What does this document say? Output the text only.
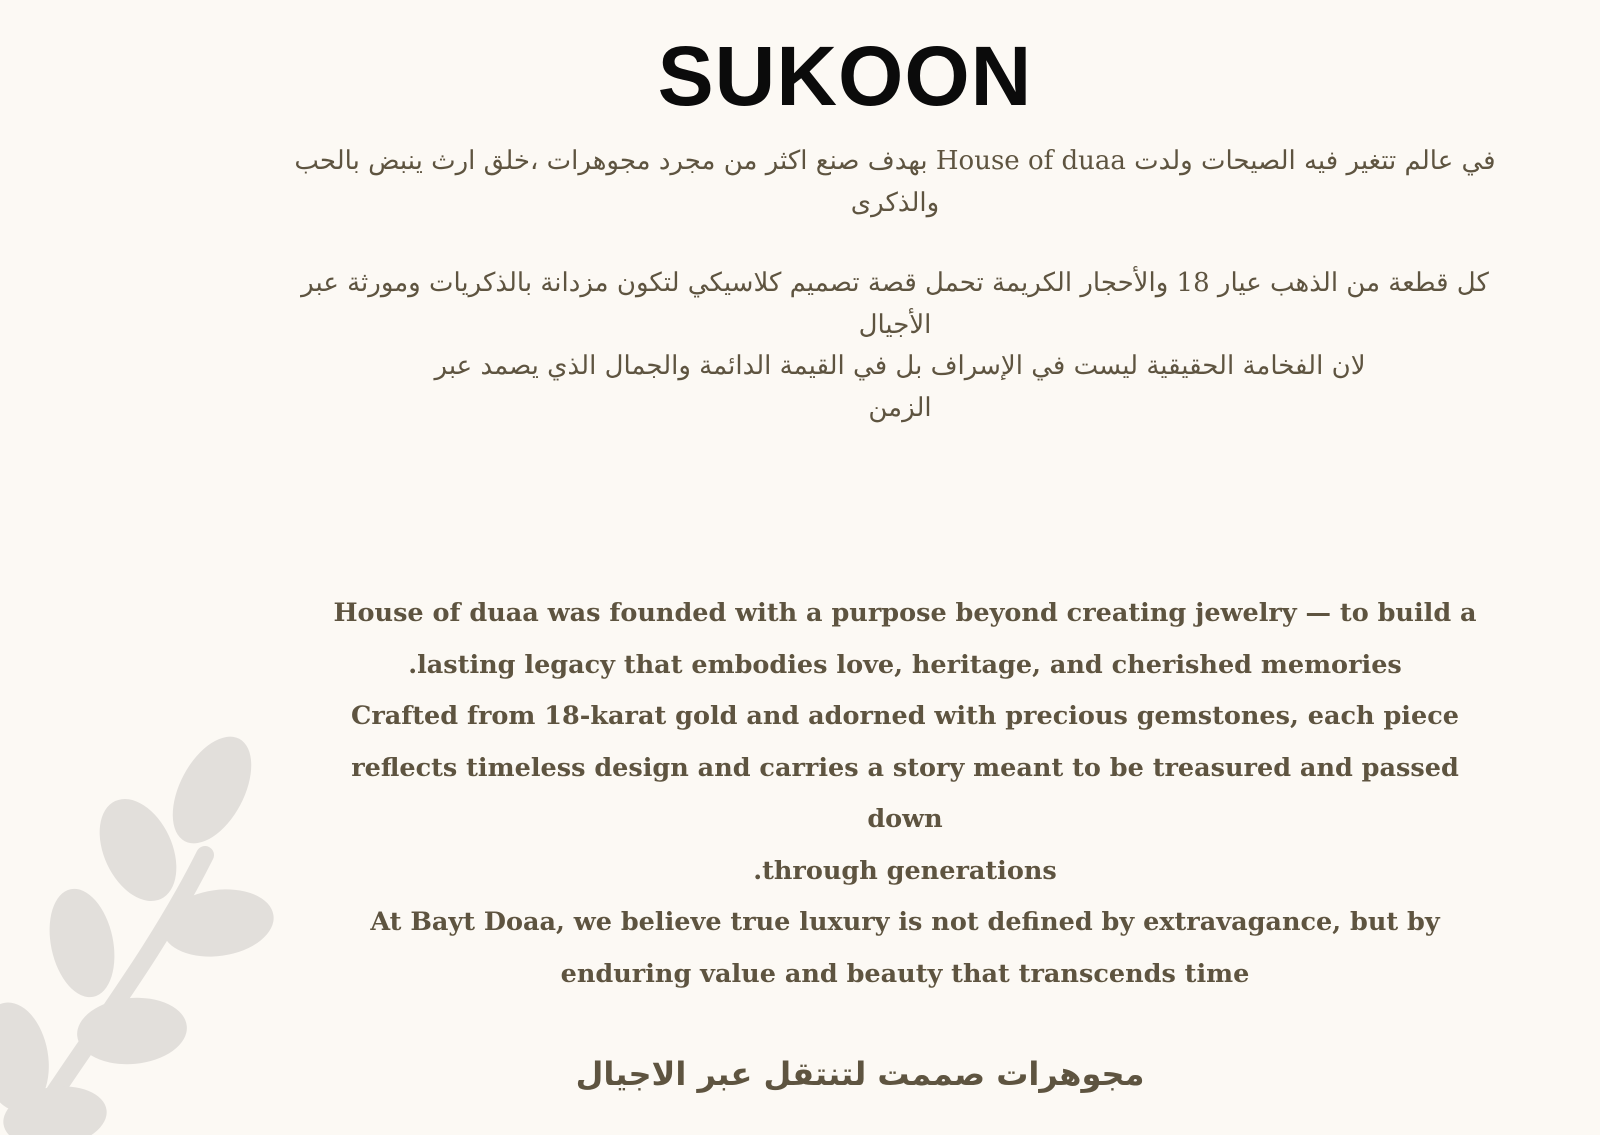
SUKOON

في عالم تتغير فيه الصيحات ولدت House of duaa بهدف صنع اكثر من مجرد مجوهرات ،خلق ارث ينبض بالحب والذكرى

كل قطعة من الذهب عيار 18 والأحجار الكريمة تحمل قصة تصميم كلاسيكي لتكون مزدانة بالذكريات ومورثة عبر الأجيال

لان الفخامة الحقيقية ليست في الإسراف بل في القيمة الدائمة والجمال الذي يصمد عبر الزمن

House of duaa was founded with a purpose beyond creating jewelry — to build a
.lasting legacy that embodies love, heritage, and cherished memories
Crafted from 18-karat gold and adorned with precious gemstones, each piece
reflects timeless design and carries a story meant to be treasured and passed down
.through generations
At Bayt Doaa, we believe true luxury is not defined by extravagance, but by
enduring value and beauty that transcends time

مجوهرات صممت لتنتقل عبر الاجيال
